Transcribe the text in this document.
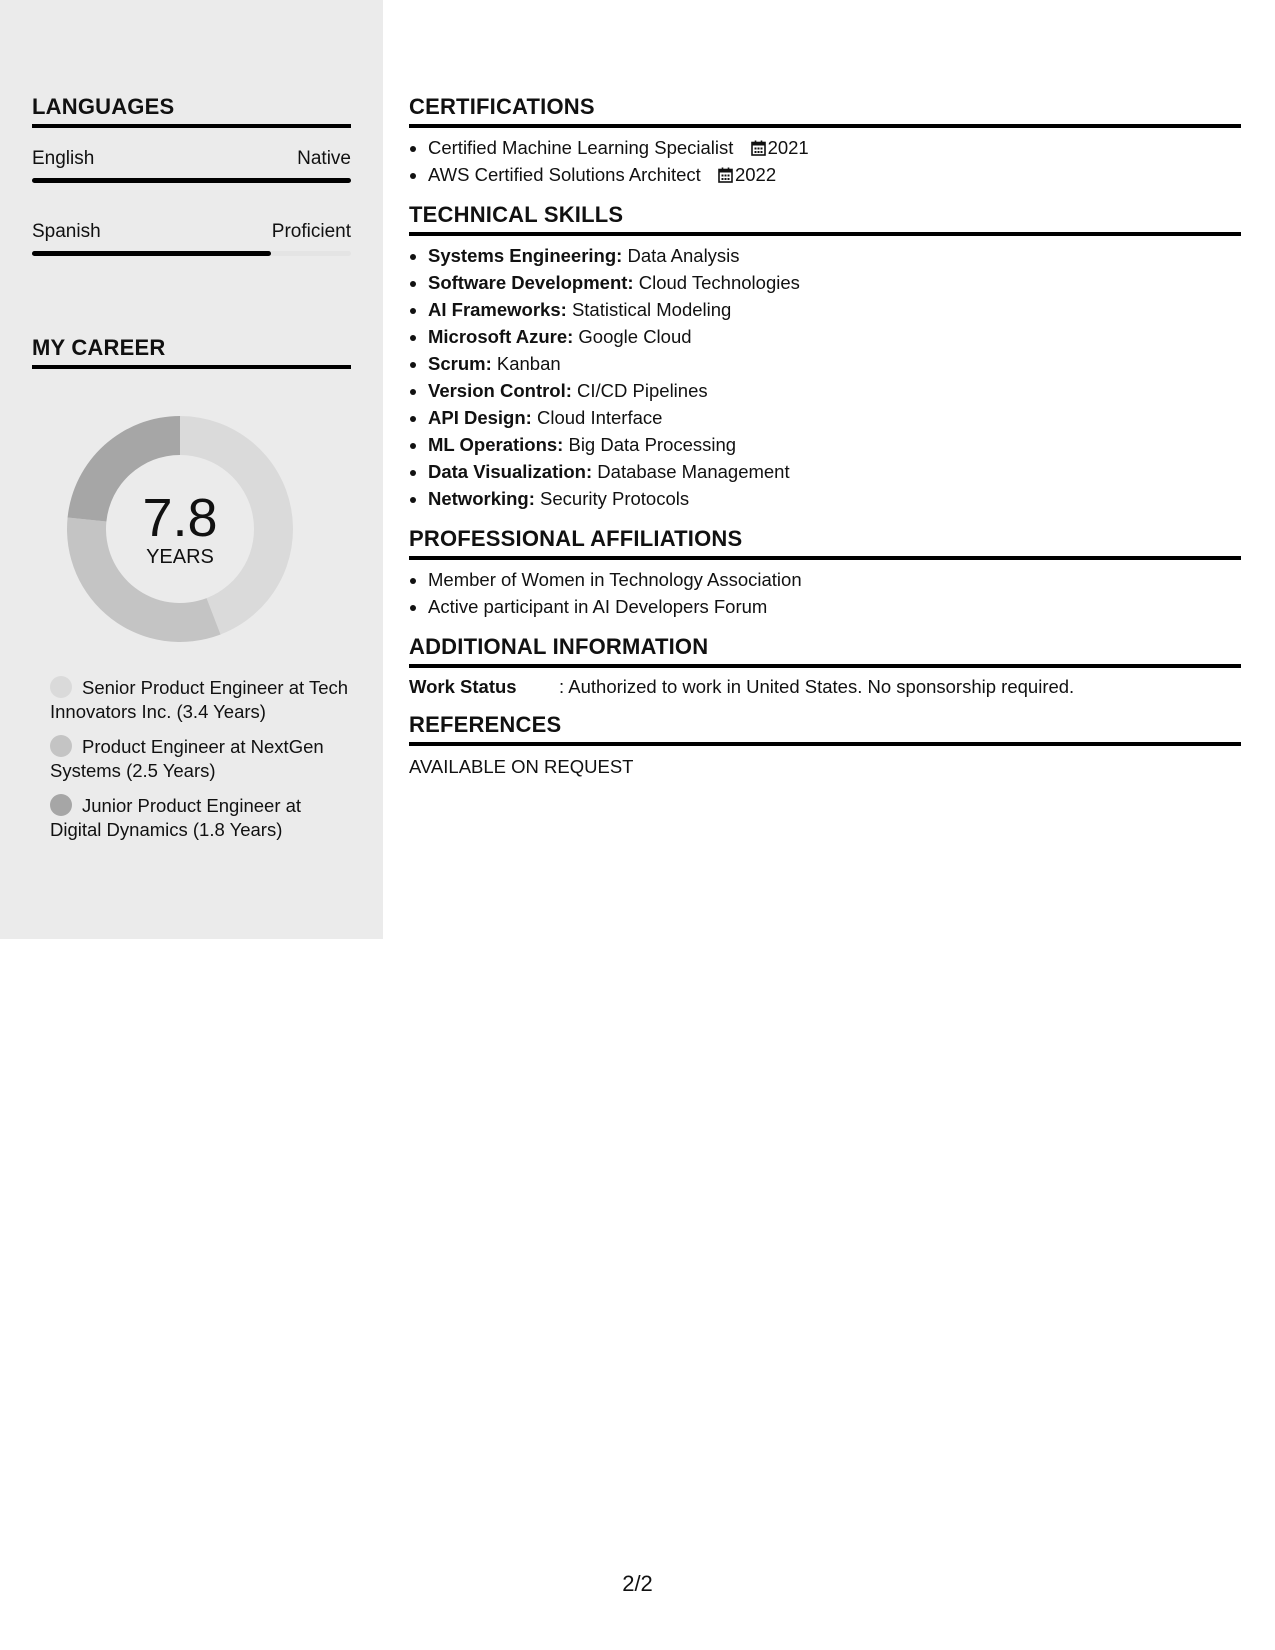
LANGUAGES
English	Native
Spanish	Proficient
MY CAREER
7.8
YEARS
Senior Product Engineer at Tech Innovators Inc. (3.4 Years)
Product Engineer at NextGen Systems (2.5 Years)
Junior Product Engineer at Digital Dynamics (1.8 Years)
CERTIFICATIONS
• Certified Machine Learning Specialist 2021
• AWS Certified Solutions Architect 2022
TECHNICAL SKILLS
• Systems Engineering: Data Analysis
• Software Development: Cloud Technologies
• AI Frameworks: Statistical Modeling
• Microsoft Azure: Google Cloud
• Scrum: Kanban
• Version Control: CI/CD Pipelines
• API Design: Cloud Interface
• ML Operations: Big Data Processing
• Data Visualization: Database Management
• Networking: Security Protocols
PROFESSIONAL AFFILIATIONS
• Member of Women in Technology Association
• Active participant in AI Developers Forum
ADDITIONAL INFORMATION
Work Status	: Authorized to work in United States. No sponsorship required.
REFERENCES
AVAILABLE ON REQUEST
2/2
